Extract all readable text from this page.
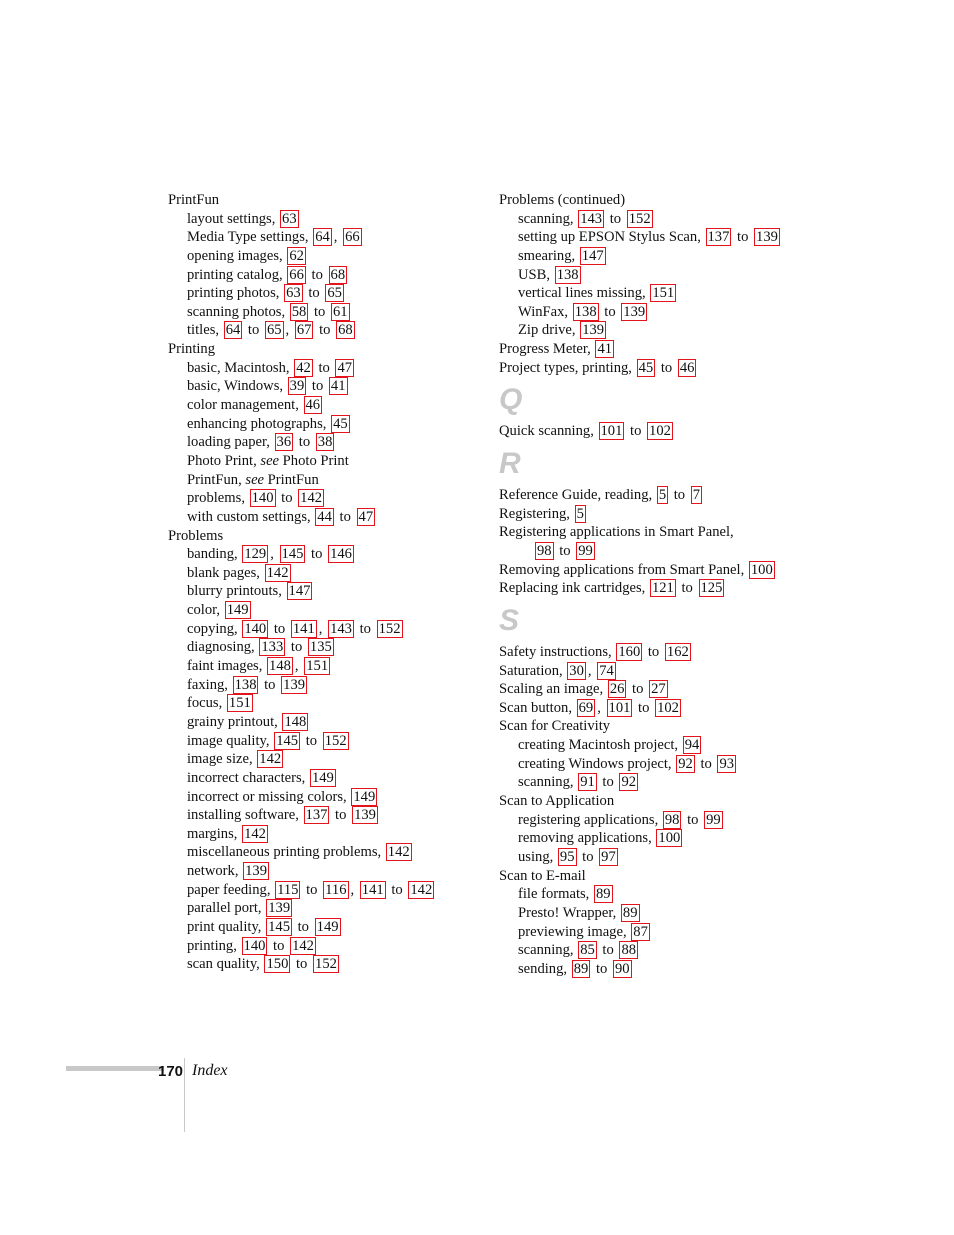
PrintFun
layout settings, 63
Media Type settings, 64 , 66
opening images, 62
printing catalog, 66 to 68
printing photos, 63 to 65
scanning photos, 58 to 61
titles, 64 to 65 , 67 to 68
Printing
basic, Macintosh, 42 to 47
basic, Windows, 39 to 41
color management, 46
enhancing photographs, 45
loading paper, 36 to 38
Photo Print, see Photo Print
PrintFun, see PrintFun
problems, 140 to 142
with custom settings, 44 to 47
Problems
banding, 129 , 145 to 146
blank pages, 142
blurry printouts, 147
color, 149
copying, 140 to 141 , 143 to 152
diagnosing, 133 to 135
faint images, 148 , 151
faxing, 138 to 139
focus, 151
grainy printout, 148
image quality, 145 to 152
image size, 142
incorrect characters, 149
incorrect or missing colors, 149
installing software, 137 to 139
margins, 142
miscellaneous printing problems, 142
network, 139
paper feeding, 115 to 116 , 141 to 142
parallel port, 139
print quality, 145 to 149
printing, 140 to 142
scan quality, 150 to 152
Problems (continued)
scanning, 143 to 152
setting up EPSON Stylus Scan, 137 to 139
smearing, 147
USB, 138
vertical lines missing, 151
WinFax, 138 to 139
Zip drive, 139
Progress Meter, 41
Project types, printing, 45 to 46
Q
Quick scanning, 101 to 102
R
Reference Guide, reading, 5 to 7
Registering, 5
Registering applications in Smart Panel,
98 to 99
Removing applications from Smart Panel, 100
Replacing ink cartridges, 121 to 125
S
Safety instructions, 160 to 162
Saturation, 30 , 74
Scaling an image, 26 to 27
Scan button, 69 , 101 to 102
Scan for Creativity
creating Macintosh project, 94
creating Windows project, 92 to 93
scanning, 91 to 92
Scan to Application
registering applications, 98 to 99
removing applications, 100
using, 95 to 97
Scan to E-mail
file formats, 89
Presto! Wrapper, 89
previewing image, 87
scanning, 85 to 88
sending, 89 to 90
170 Index
